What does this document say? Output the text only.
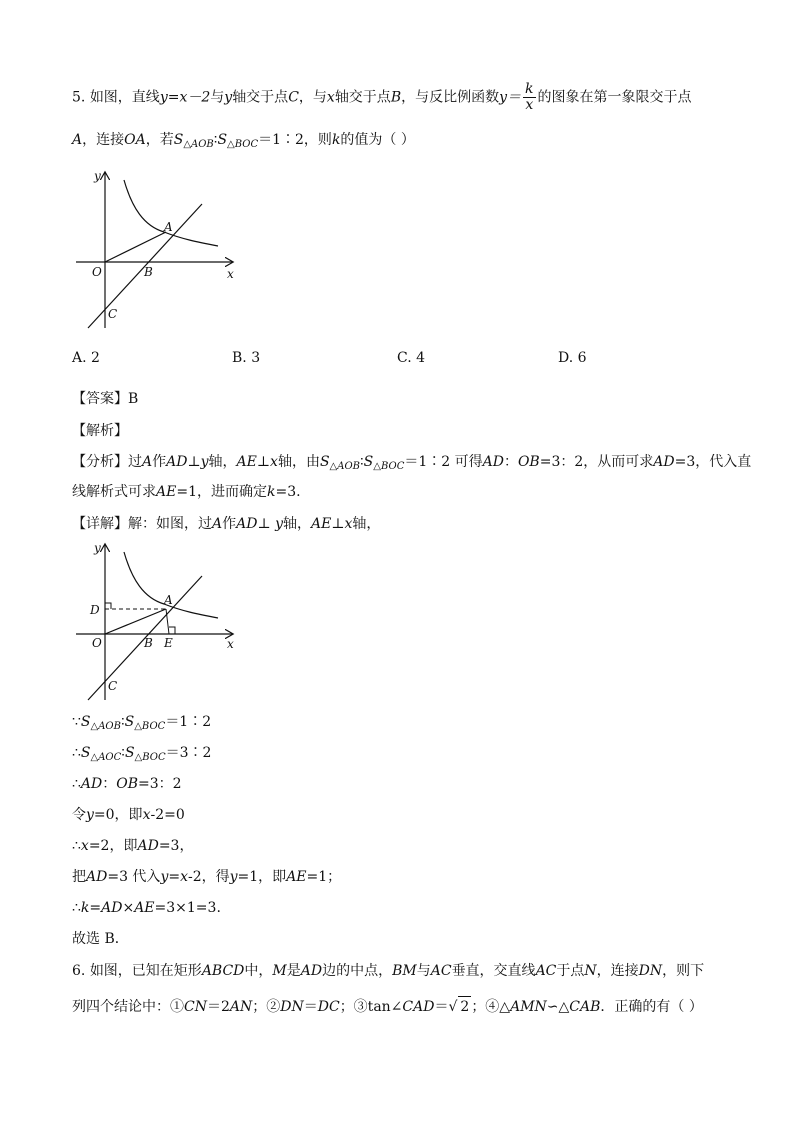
5. 如图，直线y=x－2与y轴交于点C，与x轴交于点B，与反比例函数$y= \frac{k}{x}$ 的图象在第一象限交于点
A，连接OA，若$S_{\triangle AOB}∶S_{\triangle BOC}=1∶2$，则k的值为（ ）
y
x
O
A
B
C
A. 2	B. 3	C. 4	D. 6
【答案】B
【解析】
【分析】过A作AD⊥y轴，AE⊥x轴，由$S_{\triangle AOB}∶S_{\triangle BOC}=1∶2$ 可得AD：OB=3：2，从而可求AD=3，代入直
线解析式可求AE=1，进而确定k=3.
【详解】解：如图，过A作AD⊥ y轴，AE⊥x轴，
y
x
D
O
A
B E
C
$\because S_{\triangle AOB}∶S_{\triangle BOC}=1∶2$
$\therefore S_{\triangle AOC}∶S_{\triangle BOC}=3∶2$
∴AD：OB=3：2
令y=0，即x-2=0
∴x=2，即AD=3，
把AD=3 代入y=x-2，得y=1，即AE=1；
∴k=AD×AE=3×1=3.
故选 B．
6. 如图，已知在矩形ABCD中，M是AD边的中点，BM与AC垂直，交直线AC于点N，连接DN，则下
列四个结论中：①CN＝2AN；②DN＝DC；③tan∠CAD＝√ 2 ；④△AMN∽△CAB．正确的有（ ）
